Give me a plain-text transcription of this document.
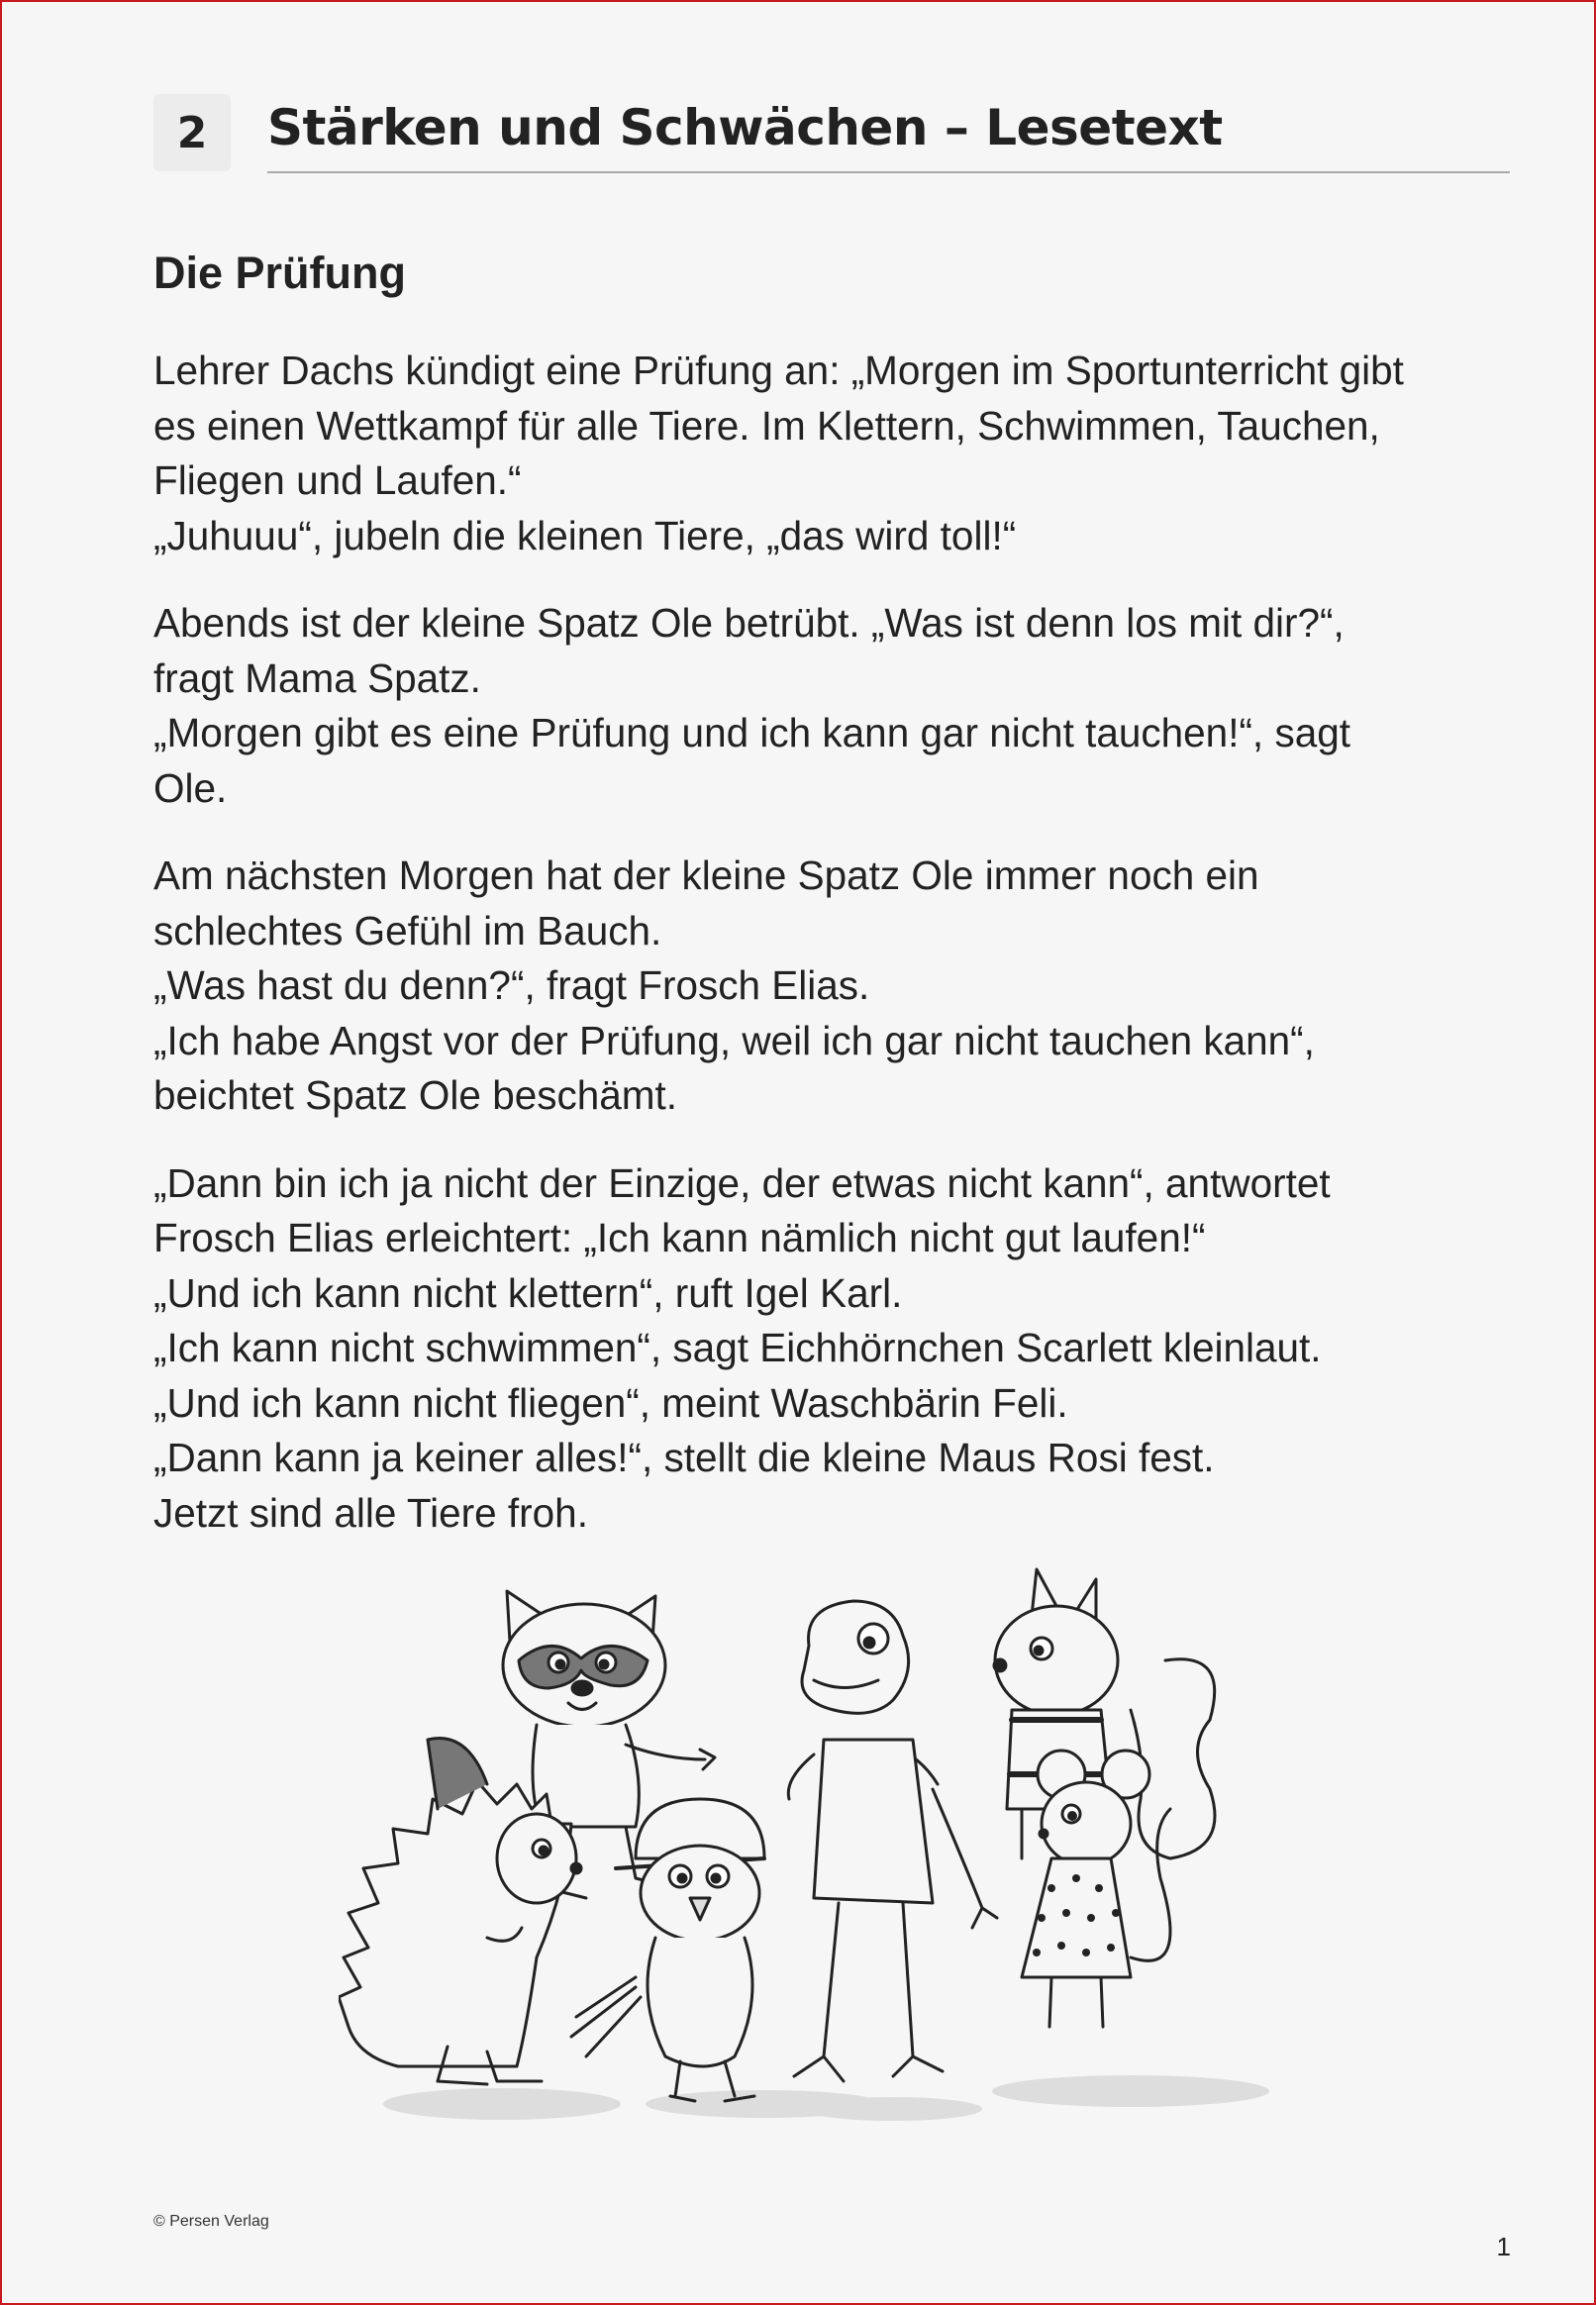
2	Stärken und Schwächen – Lesetext
Die Prüfung

Lehrer Dachs kündigt eine Prüfung an: „Morgen im Sportunterricht gibt
es einen Wettkampf für alle Tiere. Im Klettern, Schwimmen, Tauchen,
Fliegen und Laufen.“
„Juhuuu“, jubeln die kleinen Tiere, „das wird toll!“

Abends ist der kleine Spatz Ole betrübt. „Was ist denn los mit dir?“,
fragt Mama Spatz.
„Morgen gibt es eine Prüfung und ich kann gar nicht tauchen!“, sagt
Ole.

Am nächsten Morgen hat der kleine Spatz Ole immer noch ein
schlechtes Gefühl im Bauch.
„Was hast du denn?“, fragt Frosch Elias.
„Ich habe Angst vor der Prüfung, weil ich gar nicht tauchen kann“,
beichtet Spatz Ole beschämt.

„Dann bin ich ja nicht der Einzige, der etwas nicht kann“, antwortet
Frosch Elias erleichtert: „Ich kann nämlich nicht gut laufen!“
„Und ich kann nicht klettern“, ruft Igel Karl.
„Ich kann nicht schwimmen“, sagt Eichhörnchen Scarlett kleinlaut.
„Und ich kann nicht fliegen“, meint Waschbärin Feli.
„Dann kann ja keiner alles!“, stellt die kleine Maus Rosi fest.
Jetzt sind alle Tiere froh.

© Persen Verlag
1
